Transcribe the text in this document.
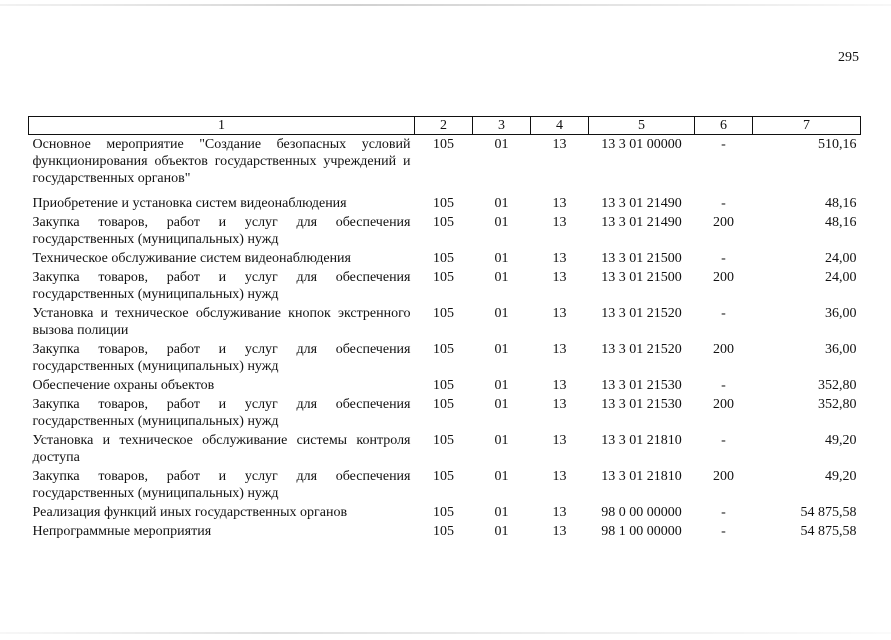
295
1	2	3	4	5	6	7
Основное мероприятие "Создание безопасных условий функционирования объектов государственных учреждений и государственных органов"	105	01	13	13 3 01 00000	-	510,16
Приобретение и установка систем видеонаблюдения	105	01	13	13 3 01 21490	-	48,16
Закупка товаров, работ и услуг для обеспечения государственных (муниципальных) нужд	105	01	13	13 3 01 21490	200	48,16
Техническое обслуживание систем видеонаблюдения	105	01	13	13 3 01 21500	-	24,00
Закупка товаров, работ и услуг для обеспечения государственных (муниципальных) нужд	105	01	13	13 3 01 21500	200	24,00
Установка и техническое обслуживание кнопок экстренного вызова полиции	105	01	13	13 3 01 21520	-	36,00
Закупка товаров, работ и услуг для обеспечения государственных (муниципальных) нужд	105	01	13	13 3 01 21520	200	36,00
Обеспечение охраны объектов	105	01	13	13 3 01 21530	-	352,80
Закупка товаров, работ и услуг для обеспечения государственных (муниципальных) нужд	105	01	13	13 3 01 21530	200	352,80
Установка и техническое обслуживание системы контроля доступа	105	01	13	13 3 01 21810	-	49,20
Закупка товаров, работ и услуг для обеспечения государственных (муниципальных) нужд	105	01	13	13 3 01 21810	200	49,20
Реализация функций иных государственных органов	105	01	13	98 0 00 00000	-	54 875,58
Непрограммные мероприятия	105	01	13	98 1 00 00000	-	54 875,58
